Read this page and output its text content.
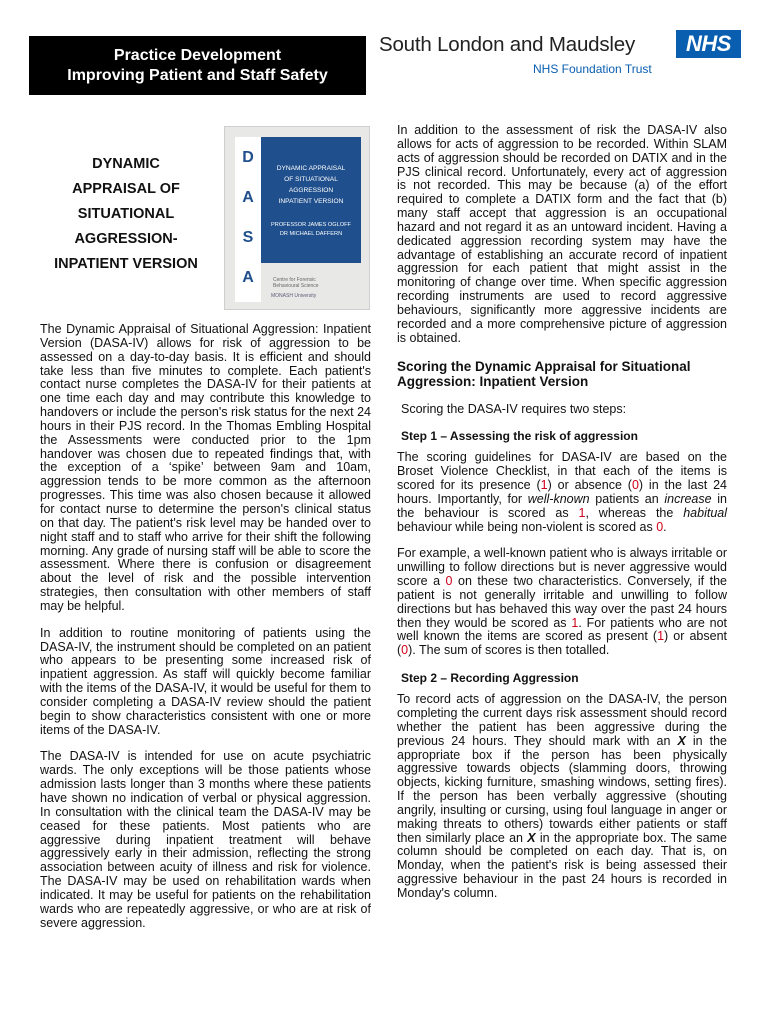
Practice Development
Improving Patient and Staff Safety
South London and Maudsley	NHS
NHS Foundation Trust
DYNAMIC
APPRAISAL OF
SITUATIONAL
AGGRESSION-
INPATIENT VERSION
D
A
S
A
DYNAMIC APPRAISAL
OF SITUATIONAL
AGGRESSION
INPATIENT VERSION
PROFESSOR JAMES OGLOFF
DR MICHAEL DAFFERN
Centre for Forensic Behavioural Science
MONASH University

The Dynamic Appraisal of Situational Aggression: Inpatient Version (DASA-IV) allows for risk of aggression to be assessed on a day-to-day basis. It is efficient and should take less than five minutes to complete. Each patient's contact nurse completes the DASA-IV for their patients at one time each day and may contribute this knowledge to handovers or include the person's risk status for the next 24 hours in their PJS record. In the Thomas Embling Hospital the Assessments were conducted prior to the 1pm handover was chosen due to repeated findings that, with the exception of a ‘spike’ between 9am and 10am, aggression tends to be more common as the afternoon progresses. This time was also chosen because it allowed for contact nurse to determine the person's clinical status on that day. The patient's risk level may be handed over to night staff and to staff who arrive for their shift the following morning. Any grade of nursing staff will be able to score the assessment. Where there is confusion or disagreement about the level of risk and the possible intervention strategies, then consultation with other members of staff may be helpful.

In addition to routine monitoring of patients using the DASA-IV, the instrument should be completed on an patient who appears to be presenting some increased risk of inpatient aggression. As staff will quickly become familiar with the items of the DASA-IV, it would be useful for them to consider completing a DASA-IV review should the patient begin to show characteristics consistent with one or more items of the DASA-IV.

The DASA-IV is intended for use on acute psychiatric wards. The only exceptions will be those patients whose admission lasts longer than 3 months where these patients have shown no indication of verbal or physical aggression. In consultation with the clinical team the DASA-IV may be ceased for these patients. Most patients who are aggressive during inpatient treatment will behave aggressively early in their admission, reflecting the strong association between acuity of illness and risk for violence. The DASA-IV may be used on rehabilitation wards when indicated. It may be useful for patients on the rehabilitation wards who are repeatedly aggressive, or who are at risk of severe aggression.

In addition to the assessment of risk the DASA-IV also allows for acts of aggression to be recorded. Within SLAM acts of aggression should be recorded on DATIX and in the PJS clinical record. Unfortunately, every act of aggression is not recorded. This may be because (a) of the effort required to complete a DATIX form and the fact that (b) many staff accept that aggression is an occupational hazard and not regard it as an untoward incident. Having a dedicated aggression recording system may have the advantage of establishing an accurate record of inpatient aggression for each patient that might assist in the monitoring of change over time. When specific aggression recording instruments are used to record aggressive behaviours, significantly more aggressive incidents are recorded and a more comprehensive picture of aggression is obtained.

Scoring the Dynamic Appraisal for Situational Aggression: Inpatient Version

Scoring the DASA-IV requires two steps:

Step 1 – Assessing the risk of aggression

The scoring guidelines for DASA-IV are based on the Broset Violence Checklist, in that each of the items is scored for its presence (1) or absence (0) in the last 24 hours. Importantly, for well-known patients an increase in the behaviour is scored as 1, whereas the habitual behaviour while being non-violent is scored as 0.

For example, a well-known patient who is always irritable or unwilling to follow directions but is never aggressive would score a 0 on these two characteristics. Conversely, if the patient is not generally irritable and unwilling to follow directions but has behaved this way over the past 24 hours then they would be scored as 1. For patients who are not well known the items are scored as present (1) or absent (0). The sum of scores is then totalled.

Step 2 – Recording Aggression

To record acts of aggression on the DASA-IV, the person completing the current days risk assessment should record whether the patient has been aggressive during the previous 24 hours. They should mark with an X in the appropriate box if the person has been physically aggressive towards objects (slamming doors, throwing objects, kicking furniture, smashing windows, setting fires). If the person has been verbally aggressive (shouting angrily, insulting or cursing, using foul language in anger or making threats to others) towards either patients or staff then similarly place an X in the appropriate box. The same column should be completed on each day. That is, on Monday, when the patient's risk is being assessed their aggressive behaviour in the past 24 hours is recorded in Monday's column.
